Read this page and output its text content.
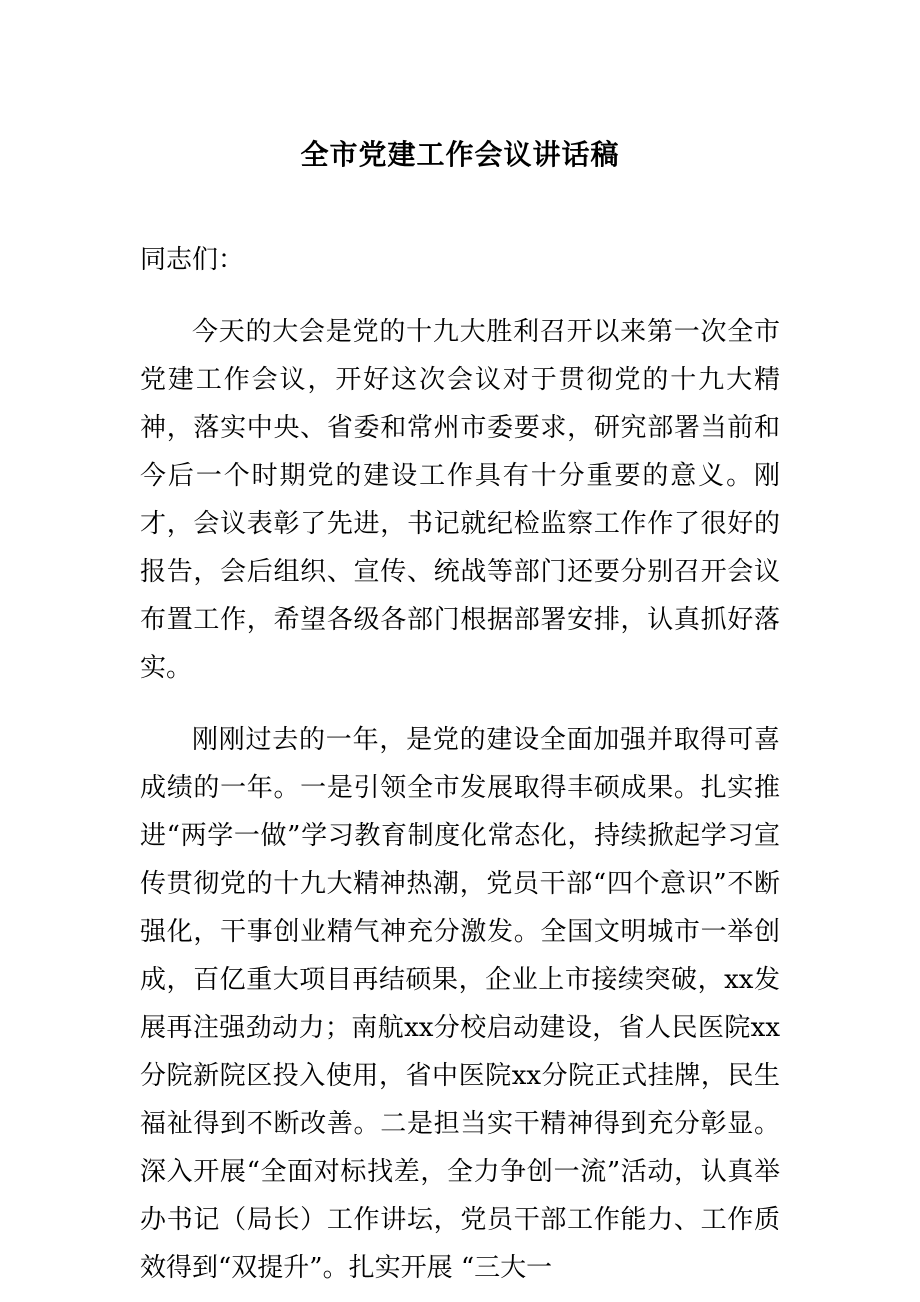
全市党建工作会议讲话稿

同志们：

今天的大会是党的十九大胜利召开以来第一次全市党建工作会议，开好这次会议对于贯彻党的十九大精神，落实中央、省委和常州市委要求，研究部署当前和今后一个时期党的建设工作具有十分重要的意义。刚才，会议表彰了先进，书记就纪检监察工作作了很好的报告，会后组织、宣传、统战等部门还要分别召开会议布置工作，希望各级各部门根据部署安排，认真抓好落实。

刚刚过去的一年，是党的建设全面加强并取得可喜成绩的一年。一是引领全市发展取得丰硕成果。扎实推进“两学一做”学习教育制度化常态化，持续掀起学习宣传贯彻党的十九大精神热潮，党员干部“四个意识”不断强化，干事创业精气神充分激发。全国文明城市一举创成，百亿重大项目再结硕果，企业上市接续突破，xx发展再注强劲动力；南航xx分校启动建设，省人民医院xx分院新院区投入使用，省中医院xx分院正式挂牌，民生福祉得到不断改善。二是担当实干精神得到充分彰显。深入开展“全面对标找差，全力争创一流”活动，认真举办书记（局长）工作讲坛，党员干部工作能力、工作质效得到“双提升”。扎实开展 “三大一
